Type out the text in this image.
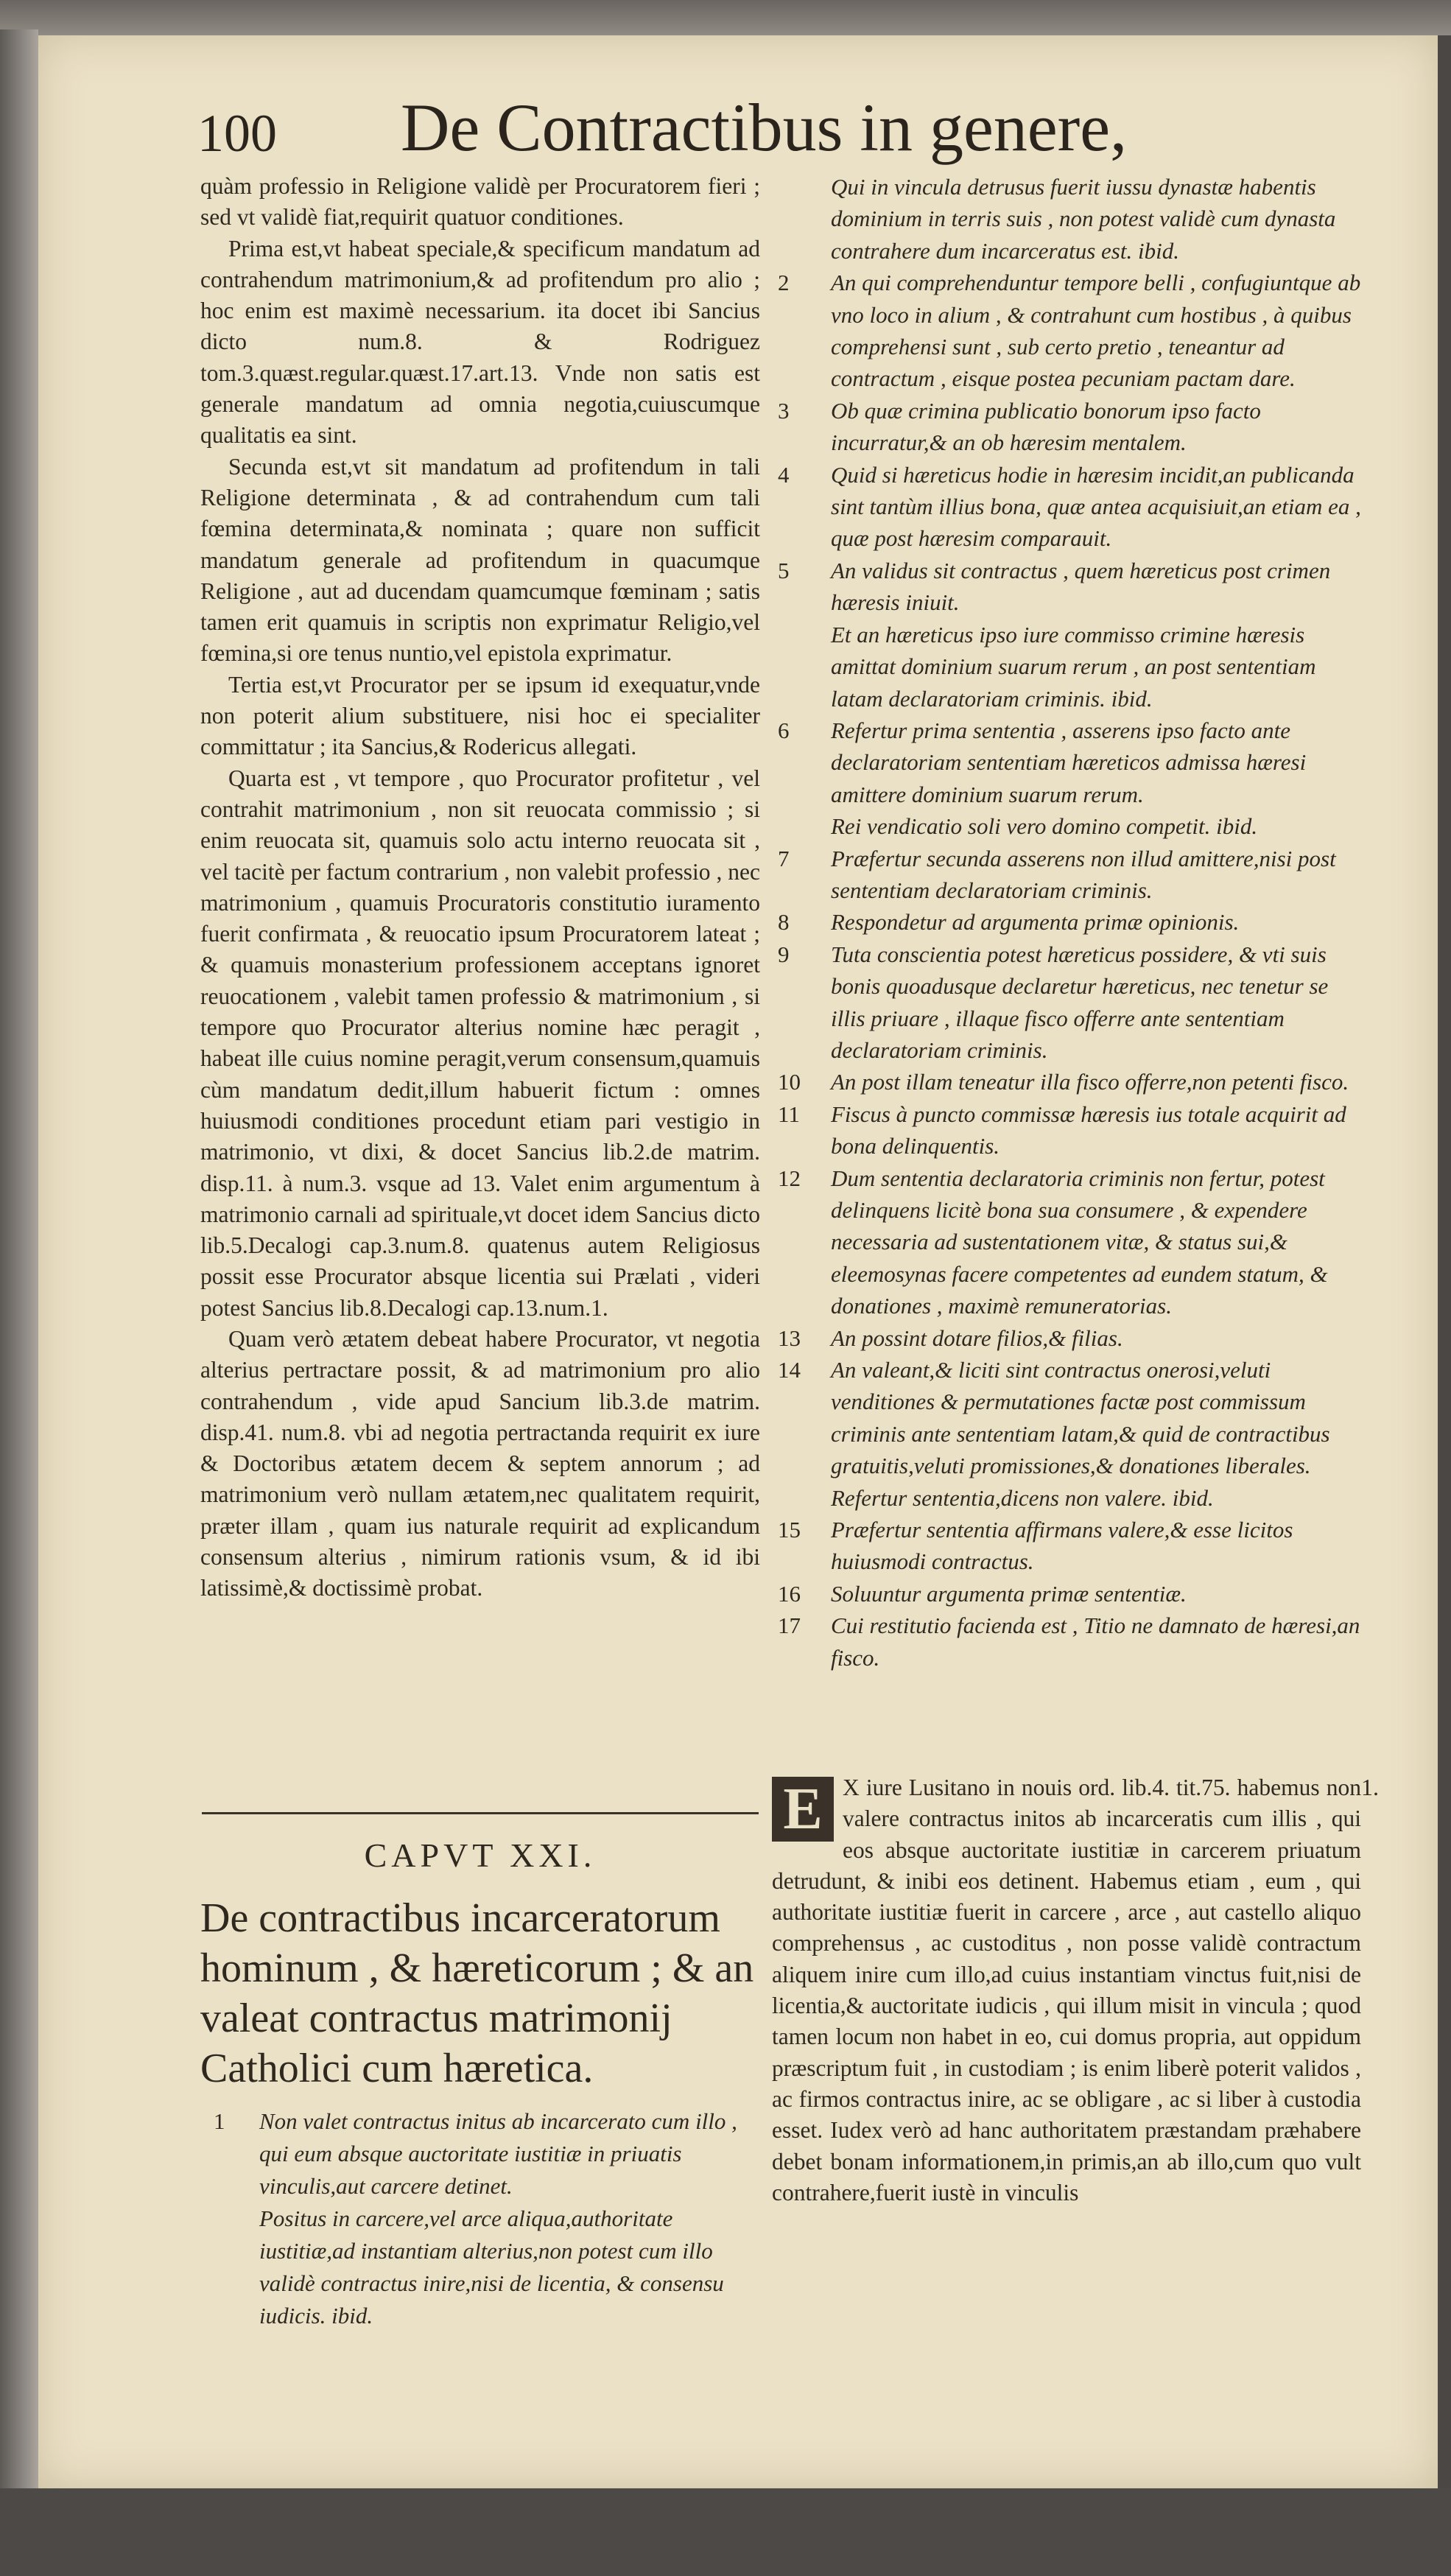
100 De Contractibus in genere,

quàm professio in Religione validè per Procuratorem fieri ; sed vt validè fiat,requirit quatuor conditiones.

Prima est,vt habeat speciale,& specificum mandatum ad contrahendum matrimonium,& ad profitendum pro alio ; hoc enim est maximè necessarium. ita docet ibi Sancius dicto num.8. & Rodriguez tom.3.quæst.regular.quæst.17.art.13. Vnde non satis est generale mandatum ad omnia negotia,cuiuscumque qualitatis ea sint.

Secunda est,vt sit mandatum ad profitendum in tali Religione determinata , & ad contrahendum cum tali fœmina determinata,& nominata ; quare non sufficit mandatum generale ad profitendum in quacumque Religione , aut ad ducendam quamcumque fœminam ; satis tamen erit quamuis in scriptis non exprimatur Religio,vel fœmina,si ore tenus nuntio,vel epistola exprimatur.

Tertia est,vt Procurator per se ipsum id exequatur,vnde non poterit alium substituere, nisi hoc ei specialiter committatur ; ita Sancius,& Rodericus allegati.

Quarta est , vt tempore , quo Procurator profitetur , vel contrahit matrimonium , non sit reuocata commissio ; si enim reuocata sit, quamuis solo actu interno reuocata sit , vel tacitè per factum contrarium , non valebit professio , nec matrimonium , quamuis Procuratoris constitutio iuramento fuerit confirmata , & reuocatio ipsum Procuratorem lateat ; & quamuis monasterium professionem acceptans ignoret reuocationem , valebit tamen professio & matrimonium , si tempore quo Procurator alterius nomine hæc peragit , habeat ille cuius nomine peragit,verum consensum,quamuis cùm mandatum dedit,illum habuerit fictum : omnes huiusmodi conditiones procedunt etiam pari vestigio in matrimonio, vt dixi, & docet Sancius lib.2.de matrim. disp.11. à num.3. vsque ad 13. Valet enim argumentum à matrimonio carnali ad spirituale,vt docet idem Sancius dicto lib.5.Decalogi cap.3.num.8. quatenus autem Religiosus possit esse Procurator absque licentia sui Prælati , videri potest Sancius lib.8.Decalogi cap.13.num.1.

Quam verò ætatem debeat habere Procurator, vt negotia alterius pertractare possit, & ad matrimonium pro alio contrahendum , vide apud Sancium lib.3.de matrim. disp.41. num.8. vbi ad negotia pertractanda requirit ex iure & Doctoribus ætatem decem & septem annorum ; ad matrimonium verò nullam ætatem,nec qualitatem requirit, præter illam , quam ius naturale requirit ad explicandum consensum alterius , nimirum rationis vsum, & id ibi latissimè,& doctissimè probat.

CAPVT XXI.
De contractibus incarceratorum hominum , & hæreticorum ; & an valeat contractus matrimonij Catholici cum hæretica.
1 Non valet contractus initus ab incarcerato cum illo , qui eum absque auctoritate iustitiæ in priuatis vinculis,aut carcere detinet.
Positus in carcere,vel arce aliqua,authoritate iustitiæ,ad instantiam alterius,non potest cum illo validè contractus inire,nisi de licentia, & consensu iudicis. ibid.
Qui in vincula detrusus fuerit iussu dynastæ habentis dominium in terris suis , non potest validè cum dynasta contrahere dum incarceratus est. ibid.
2 An qui comprehenduntur tempore belli , confugiuntque ab vno loco in alium , & contrahunt cum hostibus , à quibus comprehensi sunt , sub certo pretio , teneantur ad contractum , eisque postea pecuniam pactam dare.
3 Ob quæ crimina publicatio bonorum ipso facto incurratur,& an ob hæresim mentalem.
4 Quid si hæreticus hodie in hæresim incidit,an publicanda sint tantùm illius bona, quæ antea acquisiuit,an etiam ea , quæ post hæresim comparauit.
5 An validus sit contractus , quem hæreticus post crimen hæresis iniuit.
Et an hæreticus ipso iure commisso crimine hæresis amittat dominium suarum rerum , an post sententiam latam declaratoriam criminis. ibid.
6 Refertur prima sententia , asserens ipso facto ante declaratoriam sententiam hæreticos admissa hæresi amittere dominium suarum rerum.
Rei vendicatio soli vero domino competit. ibid.
7 Præfertur secunda asserens non illud amittere,nisi post sententiam declaratoriam criminis.
8 Respondetur ad argumenta primæ opinionis.
9 Tuta conscientia potest hæreticus possidere, & vti suis bonis quoadusque declaretur hæreticus, nec tenetur se illis priuare , illaque fisco offerre ante sententiam declaratoriam criminis.
10 An post illam teneatur illa fisco offerre,non petenti fisco.
11 Fiscus à puncto commissæ hæresis ius totale acquirit ad bona delinquentis.
12 Dum sententia declaratoria criminis non fertur, potest delinquens licitè bona sua consumere , & expendere necessaria ad sustentationem vitæ, & status sui,& eleemosynas facere competentes ad eundem statum, & donationes , maximè remuneratorias.
13 An possint dotare filios,& filias.
14 An valeant,& liciti sint contractus onerosi,veluti venditiones & permutationes factæ post commissum criminis ante sententiam latam,& quid de contractibus gratuitis,veluti promissiones,& donationes liberales.
Refertur sententia,dicens non valere. ibid.
15 Præfertur sententia affirmans valere,& esse licitos huiusmodi contractus.
16 Soluuntur argumenta primæ sententiæ.
17 Cui restitutio facienda est , Titio ne damnato de hæresi,an fisco.

E X iure Lusitano in nouis ord. lib.4. tit.75. habemus non valere contractus initos ab incarceratis cum illis , qui eos absque auctoritate iustitiæ in carcerem priuatum detrudunt, & inibi eos detinent. Habemus etiam , eum , qui authoritate iustitiæ fuerit in carcere , arce , aut castello aliquo comprehensus , ac custoditus , non posse validè contractum aliquem inire cum illo,ad cuius instantiam vinctus fuit,nisi de licentia,& auctoritate iudicis , qui illum misit in vincula ; quod tamen locum non habet in eo, cui domus propria, aut oppidum præscriptum fuit , in custodiam ; is enim liberè poterit validos , ac firmos contractus inire, ac se obligare , ac si liber à custodia esset. Iudex verò ad hanc authoritatem præstandam præhabere debet bonam informationem,in primis,an ab illo,cum quo vult contrahere,fuerit iustè in vinculis

1.
